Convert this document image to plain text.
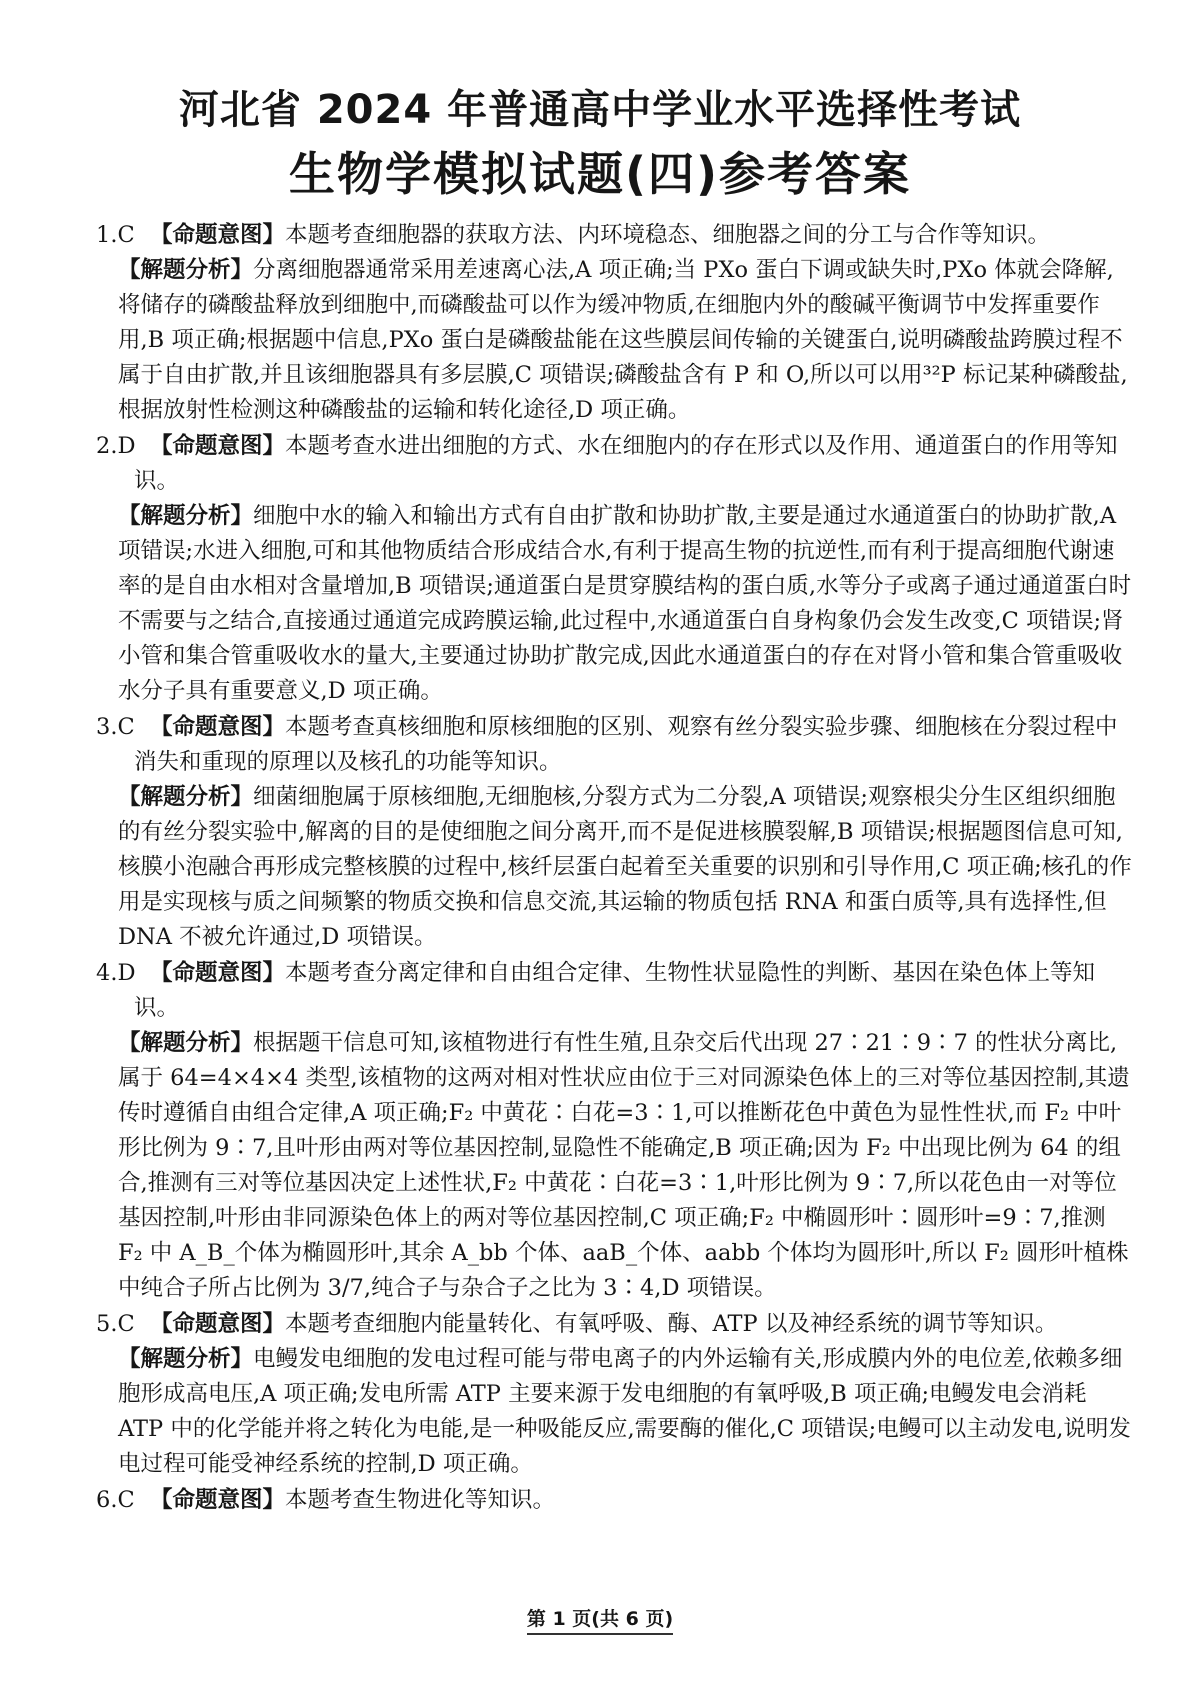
河北省 2024 年普通高中学业水平选择性考试
生物学模拟试题(四)参考答案

1.C 【命题意图】本题考查细胞器的获取方法、内环境稳态、细胞器之间的分工与合作等知识。

【解题分析】分离细胞器通常采用差速离心法,A 项正确;当 PXo 蛋白下调或缺失时,PXo 体就会降解,将储存的磷酸盐释放到细胞中,而磷酸盐可以作为缓冲物质,在细胞内外的酸碱平衡调节中发挥重要作用,B 项正确;根据题中信息,PXo 蛋白是磷酸盐能在这些膜层间传输的关键蛋白,说明磷酸盐跨膜过程不属于自由扩散,并且该细胞器具有多层膜,C 项错误;磷酸盐含有 P 和 O,所以可以用³²P 标记某种磷酸盐,根据放射性检测这种磷酸盐的运输和转化途径,D 项正确。

2.D 【命题意图】本题考查水进出细胞的方式、水在细胞内的存在形式以及作用、通道蛋白的作用等知识。

【解题分析】细胞中水的输入和输出方式有自由扩散和协助扩散,主要是通过水通道蛋白的协助扩散,A 项错误;水进入细胞,可和其他物质结合形成结合水,有利于提高生物的抗逆性,而有利于提高细胞代谢速率的是自由水相对含量增加,B 项错误;通道蛋白是贯穿膜结构的蛋白质,水等分子或离子通过通道蛋白时不需要与之结合,直接通过通道完成跨膜运输,此过程中,水通道蛋白自身构象仍会发生改变,C 项错误;肾小管和集合管重吸收水的量大,主要通过协助扩散完成,因此水通道蛋白的存在对肾小管和集合管重吸收水分子具有重要意义,D 项正确。

3.C 【命题意图】本题考查真核细胞和原核细胞的区别、观察有丝分裂实验步骤、细胞核在分裂过程中消失和重现的原理以及核孔的功能等知识。

【解题分析】细菌细胞属于原核细胞,无细胞核,分裂方式为二分裂,A 项错误;观察根尖分生区组织细胞的有丝分裂实验中,解离的目的是使细胞之间分离开,而不是促进核膜裂解,B 项错误;根据题图信息可知,核膜小泡融合再形成完整核膜的过程中,核纤层蛋白起着至关重要的识别和引导作用,C 项正确;核孔的作用是实现核与质之间频繁的物质交换和信息交流,其运输的物质包括 RNA 和蛋白质等,具有选择性,但 DNA 不被允许通过,D 项错误。

4.D 【命题意图】本题考查分离定律和自由组合定律、生物性状显隐性的判断、基因在染色体上等知识。

【解题分析】根据题干信息可知,该植物进行有性生殖,且杂交后代出现 27∶21∶9∶7 的性状分离比,属于 64=4×4×4 类型,该植物的这两对相对性状应由位于三对同源染色体上的三对等位基因控制,其遗传时遵循自由组合定律,A 项正确;F₂ 中黄花∶白花=3∶1,可以推断花色中黄色为显性性状,而 F₂ 中叶形比例为 9∶7,且叶形由两对等位基因控制,显隐性不能确定,B 项正确;因为 F₂ 中出现比例为 64 的组合,推测有三对等位基因决定上述性状,F₂ 中黄花∶白花=3∶1,叶形比例为 9∶7,所以花色由一对等位基因控制,叶形由非同源染色体上的两对等位基因控制,C 项正确;F₂ 中椭圆形叶∶圆形叶=9∶7,推测 F₂ 中 A_B_个体为椭圆形叶,其余 A_bb 个体、aaB_个体、aabb 个体均为圆形叶,所以 F₂ 圆形叶植株中纯合子所占比例为 3/7,纯合子与杂合子之比为 3∶4,D 项错误。

5.C 【命题意图】本题考查细胞内能量转化、有氧呼吸、酶、ATP 以及神经系统的调节等知识。

【解题分析】电鳗发电细胞的发电过程可能与带电离子的内外运输有关,形成膜内外的电位差,依赖多细胞形成高电压,A 项正确;发电所需 ATP 主要来源于发电细胞的有氧呼吸,B 项正确;电鳗发电会消耗 ATP 中的化学能并将之转化为电能,是一种吸能反应,需要酶的催化,C 项错误;电鳗可以主动发电,说明发电过程可能受神经系统的控制,D 项正确。

6.C 【命题意图】本题考查生物进化等知识。

第 1 页(共 6 页)
